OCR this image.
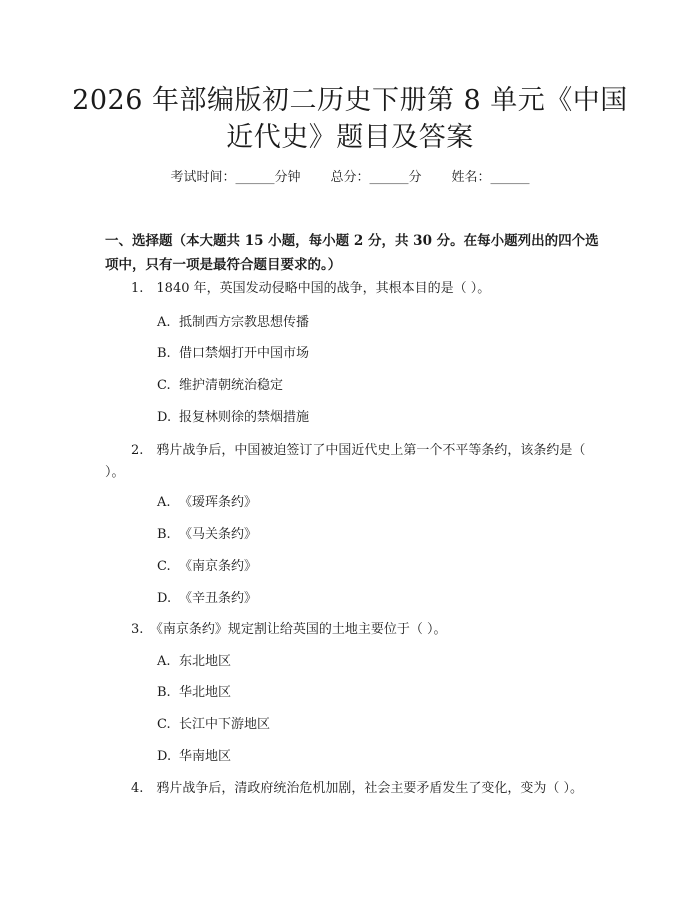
2026 年部编版初二历史下册第 8 单元《中国近代史》题目及答案
考试时间：______分钟 总分：______分 姓名：______

一、选择题（本大题共 15 小题，每小题 2 分，共 30 分。在每小题列出的四个选项中，只有一项是最符合题目要求的。）

1.　1840 年，英国发动侵略中国的战争，其根本目的是（ ）。

A. 抵制西方宗教思想传播

B. 借口禁烟打开中国市场

C. 维护清朝统治稳定

D. 报复林则徐的禁烟措施

2.　鸦片战争后，中国被迫签订了中国近代史上第一个不平等条约，该条约是（ ）。

A. 《瑷珲条约》

B. 《马关条约》

C. 《南京条约》

D. 《辛丑条约》

3.　《南京条约》规定割让给英国的土地主要位于（ ）。

A. 东北地区

B. 华北地区

C. 长江中下游地区

D. 华南地区

4.　鸦片战争后，清政府统治危机加剧，社会主要矛盾发生了变化，变为（ ）。
